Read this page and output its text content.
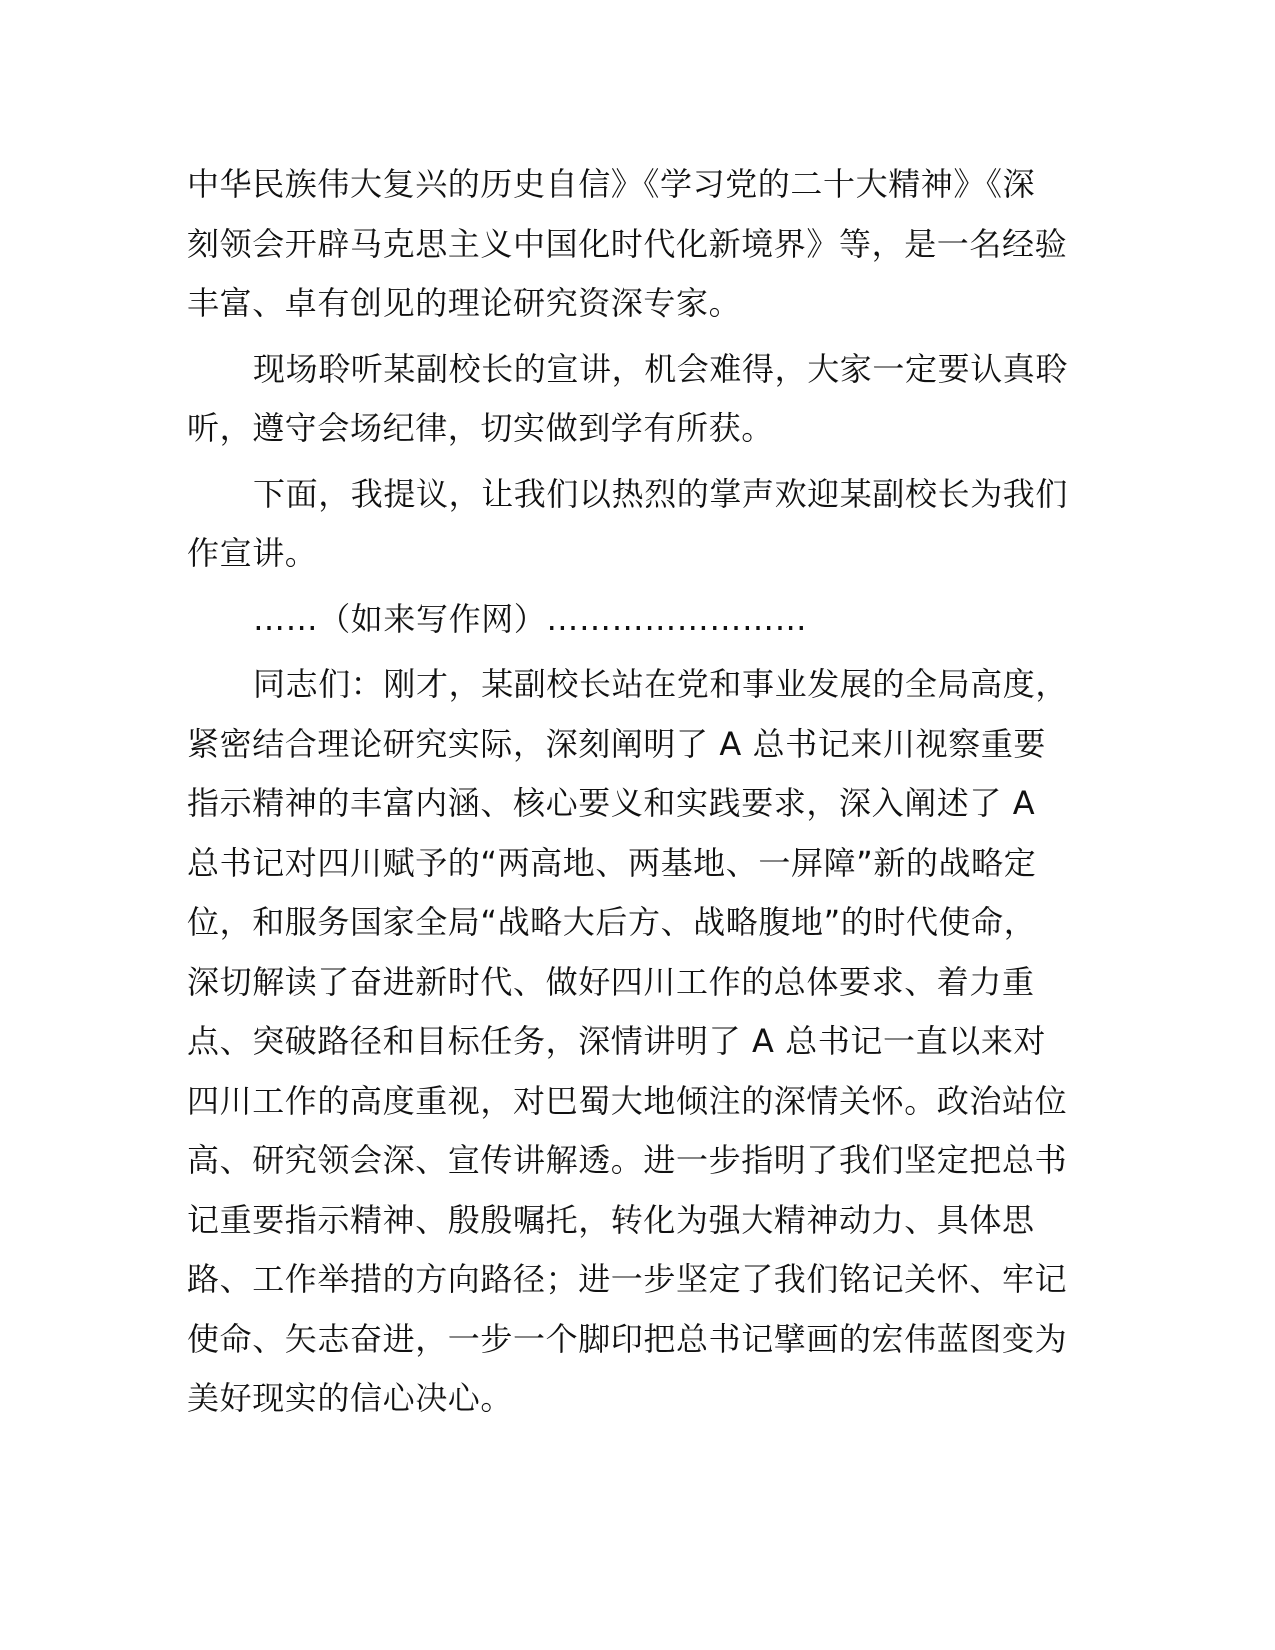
中华民族伟大复兴的历史自信》《学习党的二十大精神》《深
刻领会开辟马克思主义中国化时代化新境界》等，是一名经验
丰富、卓有创见的理论研究资深专家。

现场聆听某副校长的宣讲，机会难得，大家一定要认真聆
听，遵守会场纪律，切实做到学有所获。

下面，我提议，让我们以热烈的掌声欢迎某副校长为我们
作宣讲。

……（如来写作网）……………………

同志们：刚才，某副校长站在党和事业发展的全局高度，
紧密结合理论研究实际，深刻阐明了 A 总书记来川视察重要
指示精神的丰富内涵、核心要义和实践要求，深入阐述了 A
总书记对四川赋予的“两高地、两基地、一屏障”新的战略定
位，和服务国家全局“战略大后方、战略腹地”的时代使命，
深切解读了奋进新时代、做好四川工作的总体要求、着力重
点、突破路径和目标任务，深情讲明了 A 总书记一直以来对
四川工作的高度重视，对巴蜀大地倾注的深情关怀。政治站位
高、研究领会深、宣传讲解透。进一步指明了我们坚定把总书
记重要指示精神、殷殷嘱托，转化为强大精神动力、具体思
路、工作举措的方向路径；进一步坚定了我们铭记关怀、牢记
使命、矢志奋进，一步一个脚印把总书记擘画的宏伟蓝图变为
美好现实的信心决心。
